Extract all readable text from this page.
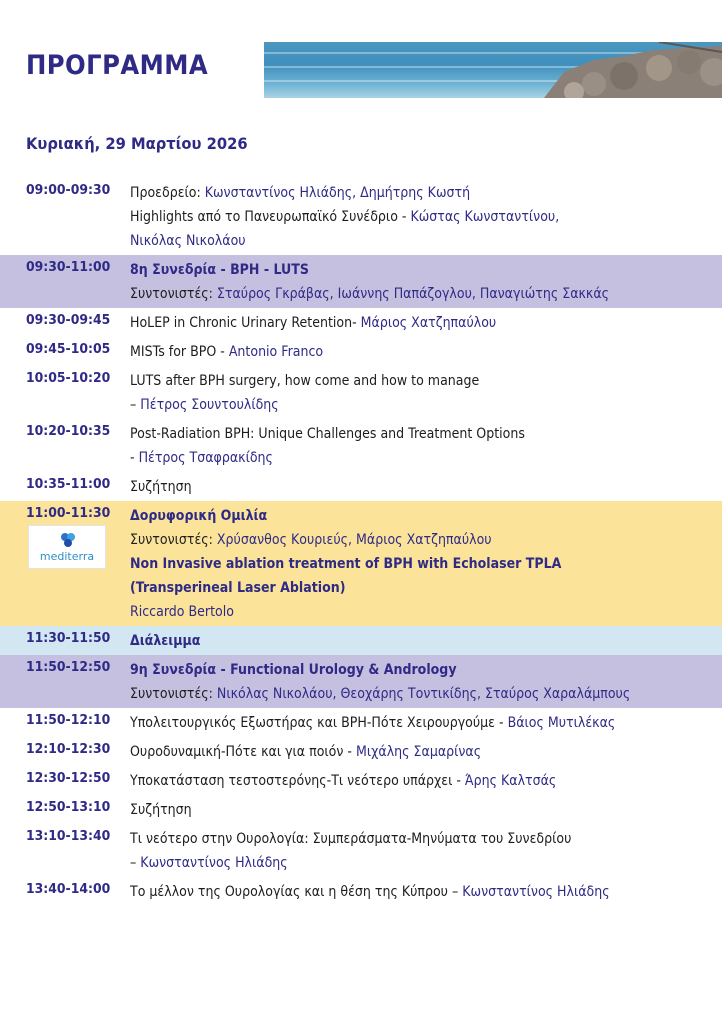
ΠΡΟΓΡΑΜΜΑ
Κυριακή, 29 Μαρτίου 2026
09:00-09:30 Προεδρείο: Κωνσταντίνος Ηλιάδης, Δημήτρης Κωστή
Highlights από το Πανευρωπαϊκό Συνέδριο - Κώστας Κωνσταντίνου,
Νικόλας Νικολάου
09:30-11:00 8η Συνεδρία - BPH - LUTS
Συντονιστές: Σταύρος Γκράβας, Ιωάννης Παπάζογλου, Παναγιώτης Σακκάς
09:30-09:45 HoLEP in Chronic Urinary Retention- Μάριος Χατζηπαύλου
09:45-10:05 MISTs for BPO - Antonio Franco
10:05-10:20 LUTS after BPH surgery, how come and how to manage
– Πέτρος Σουντουλίδης
10:20-10:35 Post-Radiation BPH: Unique Challenges and Treatment Options
- Πέτρος Τσαφρακίδης
10:35-11:00 Συζήτηση
11:00-11:30
mediterra
Δορυφορική Ομιλία
Συντονιστές: Χρύσανθος Κουριεύς, Μάριος Χατζηπαύλου
Non Invasive ablation treatment of BPH with Echolaser TPLA
(Transperineal Laser Ablation)
Riccardo Bertolo
11:30-11:50 Διάλειμμα
11:50-12:50 9η Συνεδρία - Functional Urology & Andrology
Συντονιστές: Νικόλας Νικολάου, Θεοχάρης Τοντικίδης, Σταύρος Χαραλάμπους
11:50-12:10 Υπολειτουργικός Εξωστήρας και BPH-Πότε Χειρουργούμε - Βάιος Μυτιλέκας
12:10-12:30 Ουροδυναμική-Πότε και για ποιόν - Μιχάλης Σαμαρίνας
12:30-12:50 Υποκατάσταση τεστοστερόνης-Τι νεότερο υπάρχει - Άρης Καλτσάς
12:50-13:10 Συζήτηση
13:10-13:40 Τι νεότερο στην Ουρολογία: Συμπεράσματα-Μηνύματα του Συνεδρίου
– Κωνσταντίνος Ηλιάδης
13:40-14:00 Το μέλλον της Ουρολογίας και η θέση της Κύπρου – Κωνσταντίνος Ηλιάδης
